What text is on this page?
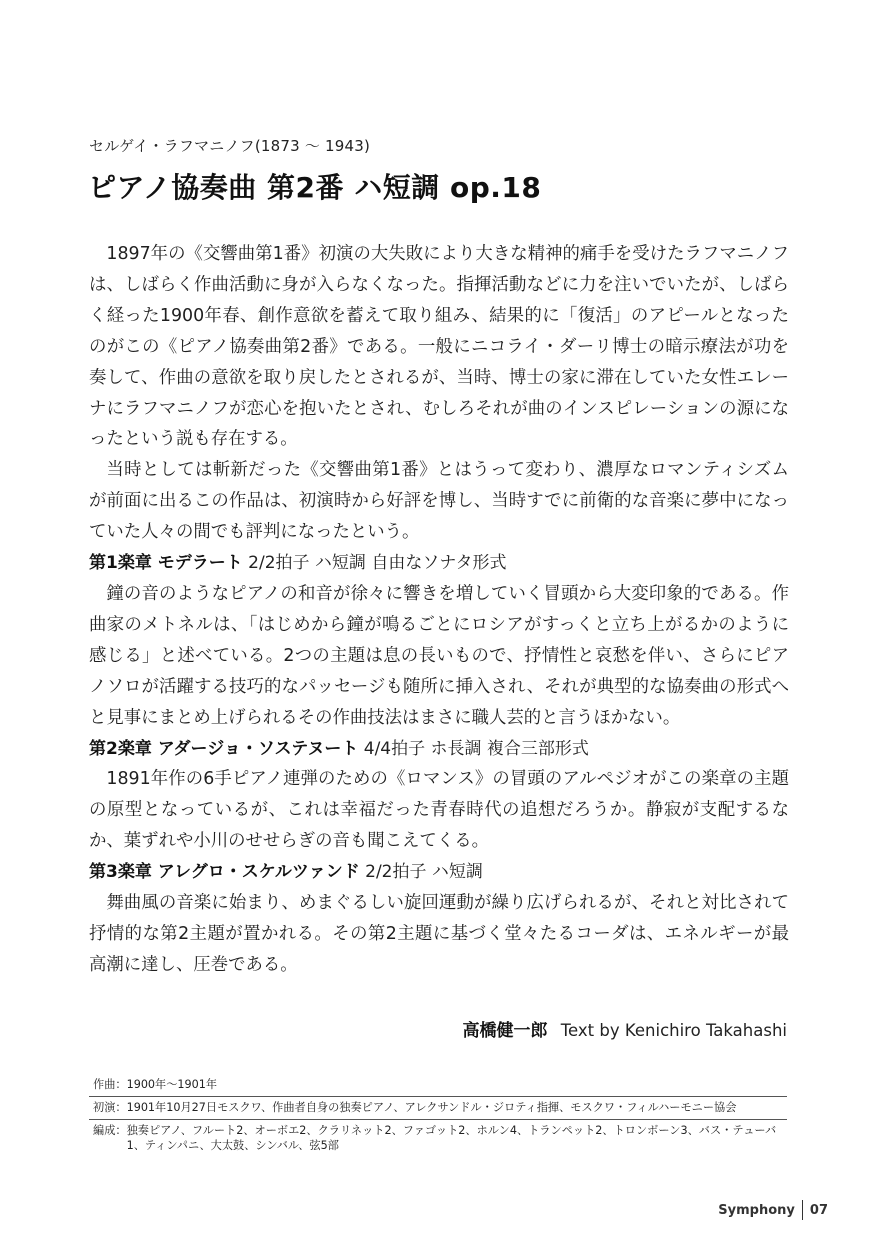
セルゲイ・ラフマニノフ(1873 ～ 1943)
ピアノ協奏曲 第2番 ハ短調 op.18

1897年の《交響曲第1番》初演の大失敗により大きな精神的痛手を受けたラフマニノフは、しばらく作曲活動に身が入らなくなった。指揮活動などに力を注いでいたが、しばらく経った1900年春、創作意欲を蓄えて取り組み、結果的に「復活」のアピールとなったのがこの《ピアノ協奏曲第2番》である。一般にニコライ・ダーリ博士の暗示療法が功を奏して、作曲の意欲を取り戻したとされるが、当時、博士の家に滞在していた女性エレーナにラフマニノフが恋心を抱いたとされ、むしろそれが曲のインスピレーションの源になったという説も存在する。

当時としては斬新だった《交響曲第1番》とはうって変わり、濃厚なロマンティシズムが前面に出るこの作品は、初演時から好評を博し、当時すでに前衛的な音楽に夢中になっていた人々の間でも評判になったという。

第1楽章 モデラート 2/2拍子 ハ短調 自由なソナタ形式

鐘の音のようなピアノの和音が徐々に響きを増していく冒頭から大変印象的である。作曲家のメトネルは、「はじめから鐘が鳴るごとにロシアがすっくと立ち上がるかのように感じる」と述べている。2つの主題は息の長いもので、抒情性と哀愁を伴い、さらにピアノソロが活躍する技巧的なパッセージも随所に挿入され、それが典型的な協奏曲の形式へと見事にまとめ上げられるその作曲技法はまさに職人芸的と言うほかない。

第2楽章 アダージョ・ソステヌート 4/4拍子 ホ長調 複合三部形式

1891年作の6手ピアノ連弾のための《ロマンス》の冒頭のアルペジオがこの楽章の主題の原型となっているが、これは幸福だった青春時代の追想だろうか。静寂が支配するなか、葉ずれや小川のせせらぎの音も聞こえてくる。

第3楽章 アレグロ・スケルツァンド 2/2拍子 ハ短調

舞曲風の音楽に始まり、めまぐるしい旋回運動が繰り広げられるが、それと対比されて抒情的な第2主題が置かれる。その第2主題に基づく堂々たるコーダは、エネルギーが最高潮に達し、圧巻である。

高橋健一郎 Text by Kenichiro Takahashi
作曲： 1900年～1901年
初演： 1901年10月27日モスクワ、作曲者自身の独奏ピアノ、アレクサンドル・ジロティ指揮、モスクワ・フィルハーモニー協会
編成： 独奏ピアノ、フルート2、オーボエ2、クラリネット2、ファゴット2、ホルン4、トランペット2、トロンボーン3、バス・テューバ1、ティンパニ、大太鼓、シンバル、弦5部
Symphony 07
